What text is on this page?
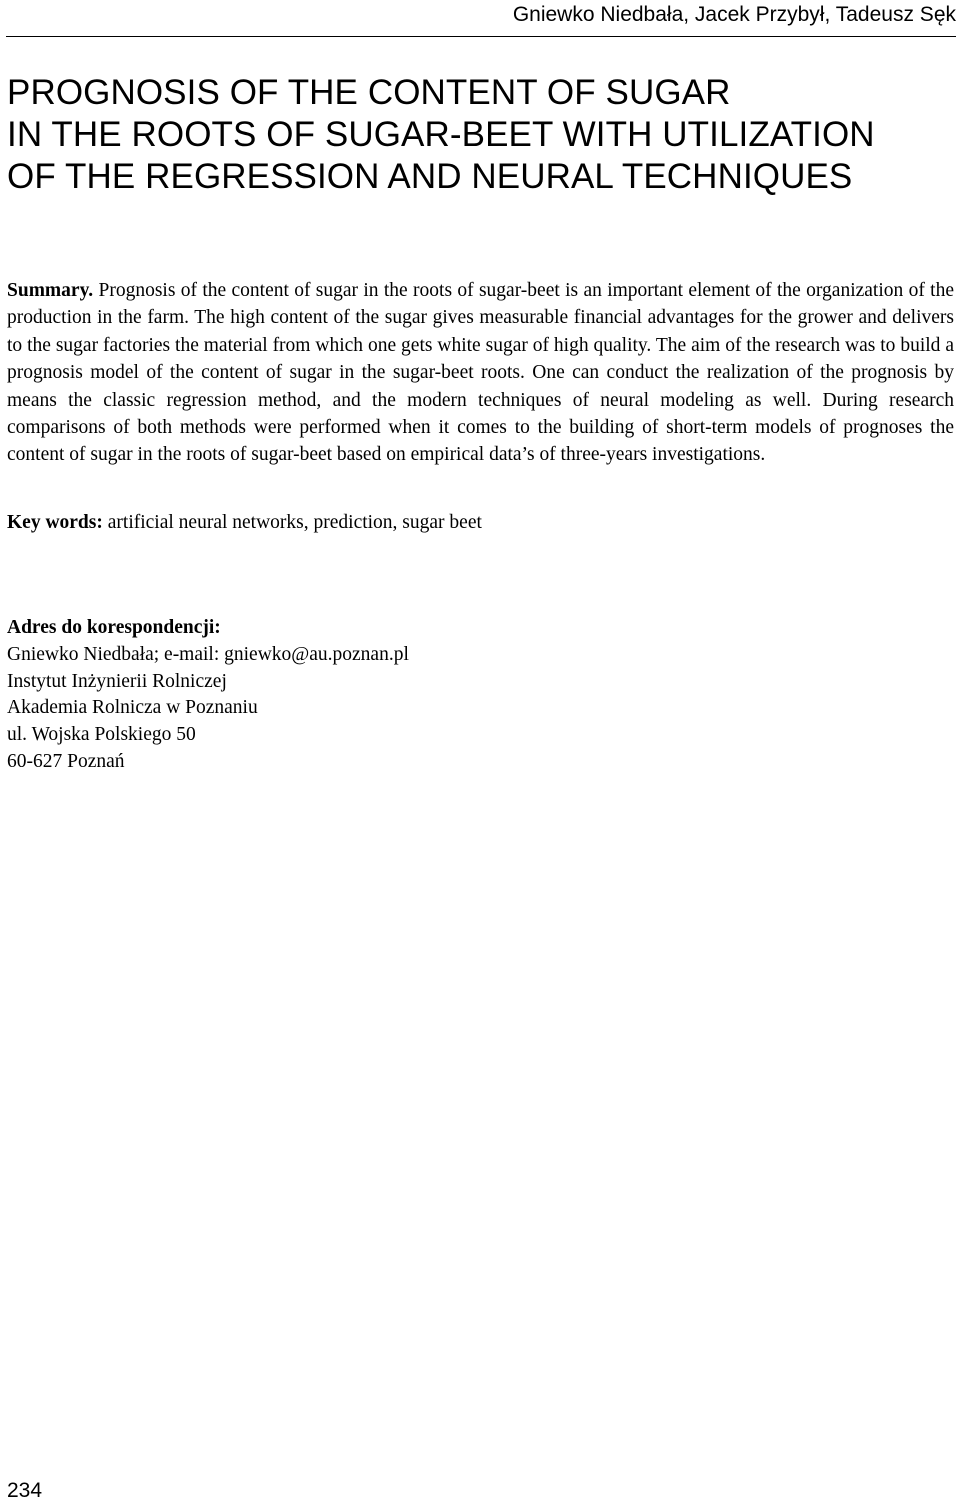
Gniewko Niedbała, Jacek Przybył, Tadeusz Sęk
PROGNOSIS OF THE CONTENT OF SUGAR
IN THE ROOTS OF SUGAR-BEET WITH UTILIZATION
OF THE REGRESSION AND NEURAL TECHNIQUES

Summary. Prognosis of the content of sugar in the roots of sugar-beet is an important element of the organization of the production in the farm. The high content of the sugar gives measurable financial advantages for the grower and delivers to the sugar factories the material from which one gets white sugar of high quality. The aim of the research was to build a prognosis model of the content of sugar in the sugar-beet roots. One can conduct the realization of the prognosis by means the classic regression method, and the modern techniques of neural modeling as well. During research comparisons of both methods were performed when it comes to the building of short-term models of prognoses the content of sugar in the roots of sugar-beet based on empirical data’s of three-years investigations.

Key words: artificial neural networks, prediction, sugar beet

Adres do korespondencji:
Gniewko Niedbała; e-mail: gniewko@au.poznan.pl
Instytut Inżynierii Rolniczej
Akademia Rolnicza w Poznaniu
ul. Wojska Polskiego 50
60-627 Poznań
234
